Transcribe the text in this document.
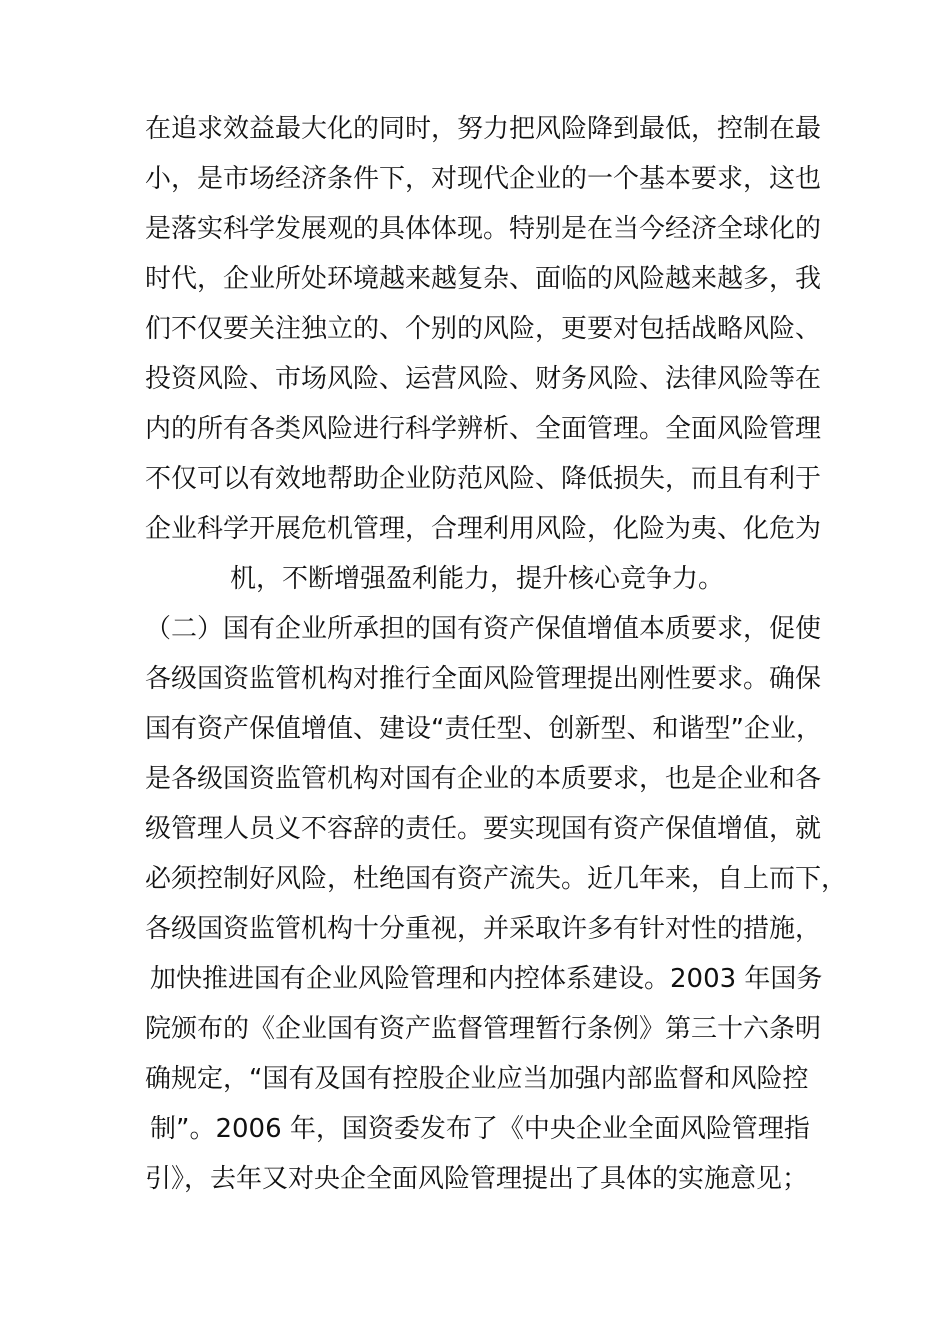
在追求效益最大化的同时，努力把风险降到最低，控制在最
小，是市场经济条件下，对现代企业的一个基本要求，这也
是落实科学发展观的具体体现。特别是在当今经济全球化的
时代，企业所处环境越来越复杂、面临的风险越来越多，我
们不仅要关注独立的、个别的风险，更要对包括战略风险、
投资风险、市场风险、运营风险、财务风险、法律风险等在
内的所有各类风险进行科学辨析、全面管理。全面风险管理
不仅可以有效地帮助企业防范风险、降低损失，而且有利于
企业科学开展危机管理，合理利用风险，化险为夷、化危为
机，不断增强盈利能力，提升核心竞争力。
（二）国有企业所承担的国有资产保值增值本质要求，促使
各级国资监管机构对推行全面风险管理提出刚性要求。确保
国有资产保值增值、建设“责任型、创新型、和谐型”企业，
是各级国资监管机构对国有企业的本质要求，也是企业和各
级管理人员义不容辞的责任。要实现国有资产保值增值，就
必须控制好风险，杜绝国有资产流失。近几年来，自上而下，
各级国资监管机构十分重视，并采取许多有针对性的措施，
加快推进国有企业风险管理和内控体系建设。2003 年国务
院颁布的《企业国有资产监督管理暂行条例》第三十六条明
确规定，“国有及国有控股企业应当加强内部监督和风险控
制”。2006 年，国资委发布了《中央企业全面风险管理指
引》，去年又对央企全面风险管理提出了具体的实施意见；
